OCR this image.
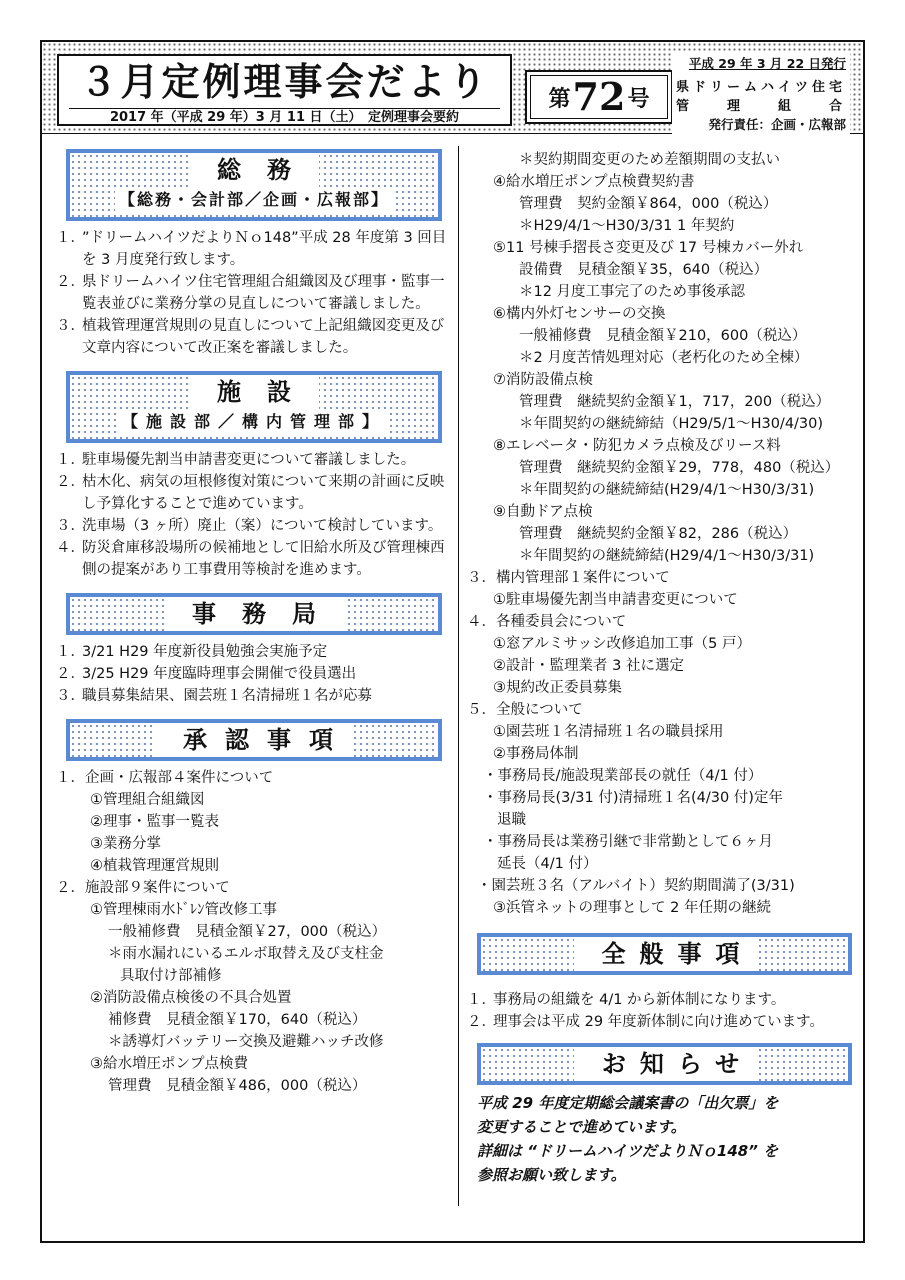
３月定例理事会だより
2017 年（平成 29 年）3 月 11 日（土）　定例理事会要約
第 72 号
平成 29 年 3 月 22 日発行
県ドリームハイツ住宅管理組合
発行責任：企画・広報部
総務
【総務・会計部／企画・広報部】
１．
”ドリームハイツだよりＮｏ148”平成 28 年度第 3 回目を 3 月度発行致します。
２．
県ドリームハイツ住宅管理組合組織図及び理事・監事一覧表並びに業務分掌の見直しについて審議しました。
３．
植栽管理運営規則の見直しについて上記組織図変更及び文章内容について改正案を審議しました。
施設
【施設部／構内管理部】
１．
駐車場優先割当申請書変更について審議しました。
２．
枯木化、病気の垣根修復対策について来期の計画に反映し予算化することで進めています。
３．
洗車場（3 ヶ所）廃止（案）について検討しています。
４．
防災倉庫移設場所の候補地として旧給水所及び管理棟西側の提案があり工事費用等検討を進めます。
事務局
１．
3/21 H29 年度新役員勉強会実施予定
２．
3/25 H29 年度臨時理事会開催で役員選出
３．
職員募集結果、園芸班１名清掃班１名が応募
承認事項
１．企画・広報部４案件について
①管理組合組織図
②理事・監事一覧表
③業務分掌
④植栽管理運営規則
２．施設部９案件について
①管理棟雨水ﾄﾞﾚﾝ管改修工事
一般補修費　見積金額￥27，000（税込）
＊雨水漏れにいるエルボ取替え及び支柱金
具取付け部補修
②消防設備点検後の不具合処置
補修費　見積金額￥170，640（税込）
＊誘導灯バッテリー交換及避難ハッチ改修
③給水増圧ポンプ点検費
管理費　見積金額￥486，000（税込）
＊契約期間変更のため差額期間の支払い
④給水増圧ポンプ点検費契約書
管理費　契約金額￥864，000（税込）
＊H29/4/1～H30/3/31 1 年契約
⑤11 号棟手摺長さ変更及び 17 号棟カバー外れ
設備費　見積金額￥35，640（税込）
＊12 月度工事完了のため事後承認
⑥構内外灯センサーの交換
一般補修費　見積金額￥210，600（税込）
＊2 月度苦情処理対応（老朽化のため全棟）
⑦消防設備点検
管理費　継続契約金額￥1，717，200（税込）
＊年間契約の継続締結（H29/5/1～H30/4/30)
⑧エレベータ・防犯カメラ点検及びリース料
管理費　継続契約金額￥29，778，480（税込）
＊年間契約の継続締結(H29/4/1～H30/3/31)
⑨自動ドア点検
管理費　継続契約金額￥82，286（税込）
＊年間契約の継続締結(H29/4/1～H30/3/31)
３．構内管理部１案件について
①駐車場優先割当申請書変更について
４．各種委員会について
①窓アルミサッシ改修追加工事（5 戸）
②設計・監理業者 3 社に選定
③規約改正委員募集
５．全般について
①園芸班１名清掃班１名の職員採用
②事務局体制
・事務局長/施設現業部長の就任（4/1 付）
・事務局長(3/31 付)清掃班１名(4/30 付)定年
退職
・事務局長は業務引継で非常勤として６ヶ月
延長（4/1 付）
・園芸班３名（アルバイト）契約期間満了(3/31)
③浜管ネットの理事として 2 年任期の継続
全般事項
１．
事務局の組織を 4/1 から新体制になります。
２．
理事会は平成 29 年度新体制に向け進めています。
お知らせ
平成 29 年度定期総会議案書の「出欠票」を
変更することで進めています。
詳細は “ドリームハイツだよりＮｏ148” を
参照お願い致します。
